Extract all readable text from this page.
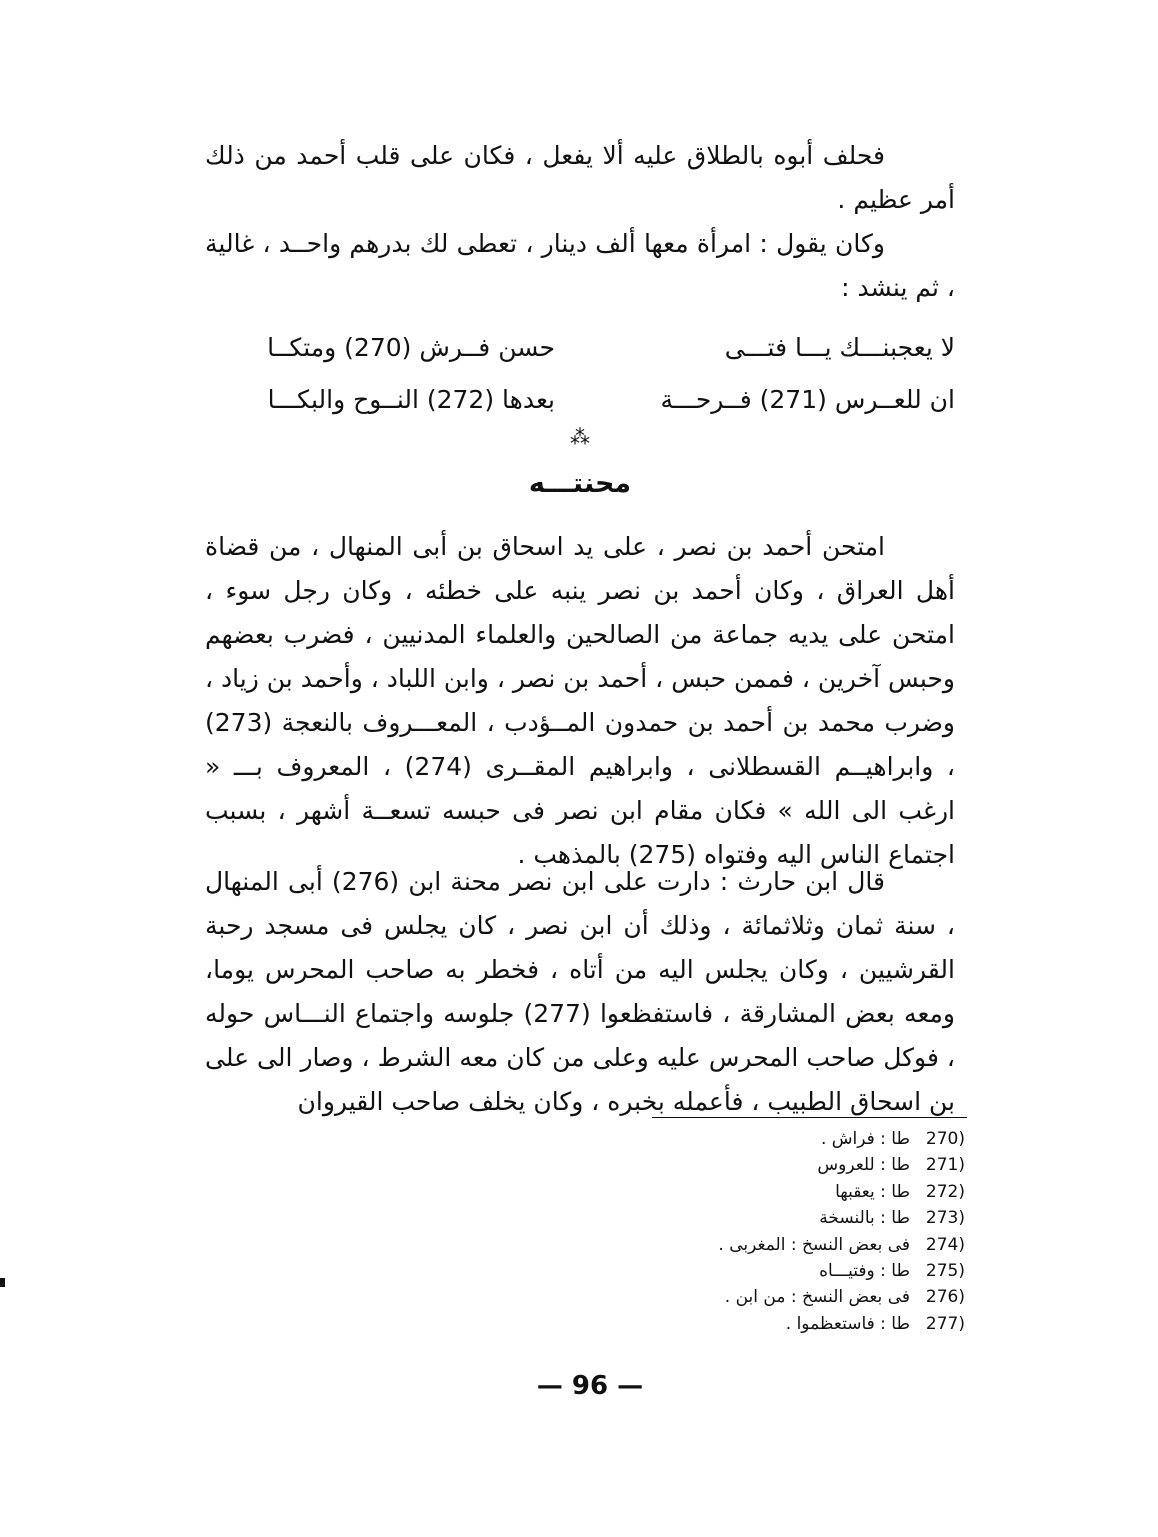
فحلف أبوه بالطلاق عليه ألا يفعل ، فكان على قلب أحمد من ذلك أمر عظيم .

وكان يقول : امرأة معها ألف دينار ، تعطى لك بدرهم واحــد ، غالية ، ثم ينشد :

لا يعجبنـــك يـــا فتـــى
حسن فــرش (270) ومتكــا
ان للعــرس (271) فــرحـــة
بعدها (272) النــوح والبكـــا
⁂
محنتـــه

امتحن أحمد بن نصر ، على يد اسحاق بن أبى المنهال ، من قضاة أهل العراق ، وكان أحمد بن نصر ينبه على خطئه ، وكان رجل سوء ، امتحن على يديه جماعة من الصالحين والعلماء المدنيين ، فضرب بعضهم وحبس آخرين ، فممن حبس ، أحمد بن نصر ، وابن اللباد ، وأحمد بن زياد ، وضرب محمد بن أحمد بن حمدون المــؤدب ، المعـــروف بالنعجة (273) ، وابراهيــم القسطلانى ، وابراهيم المقــرى (274) ، المعروف بـــ « ارغب الى الله » فكان مقام ابن نصر فى حبسه تسعــة أشهر ، بسبب اجتماع الناس اليه وفتواه (275) بالمذهب .

قال ابن حارث : دارت على ابن نصر محنة ابن (276) أبى المنهال ، سنة ثمان وثلاثمائة ، وذلك أن ابن نصر ، كان يجلس فى مسجد رحبة القرشيين ، وكان يجلس اليه من أتاه ، فخطر به صاحب المحرس يوما، ومعه بعض المشارقة ، فاستفظعوا (277) جلوسه واجتماع النـــاس حوله ، فوكل صاحب المحرس عليه وعلى من كان معه الشرط ، وصار الى على بن اسحاق الطبيب ، فأعمله بخبره ، وكان يخلف صاحب القيروان

(270
طا : فراش .
(271
طا : للعروس
(272
طا : يعقبها
(273
طا : بالنسخة
(274
فى بعض النسخ : المغربى .
(275
طا : وفتيـــاه
(276
فى بعض النسخ : من ابن .
(277
طا : فاستعظموا .
— 96 —
